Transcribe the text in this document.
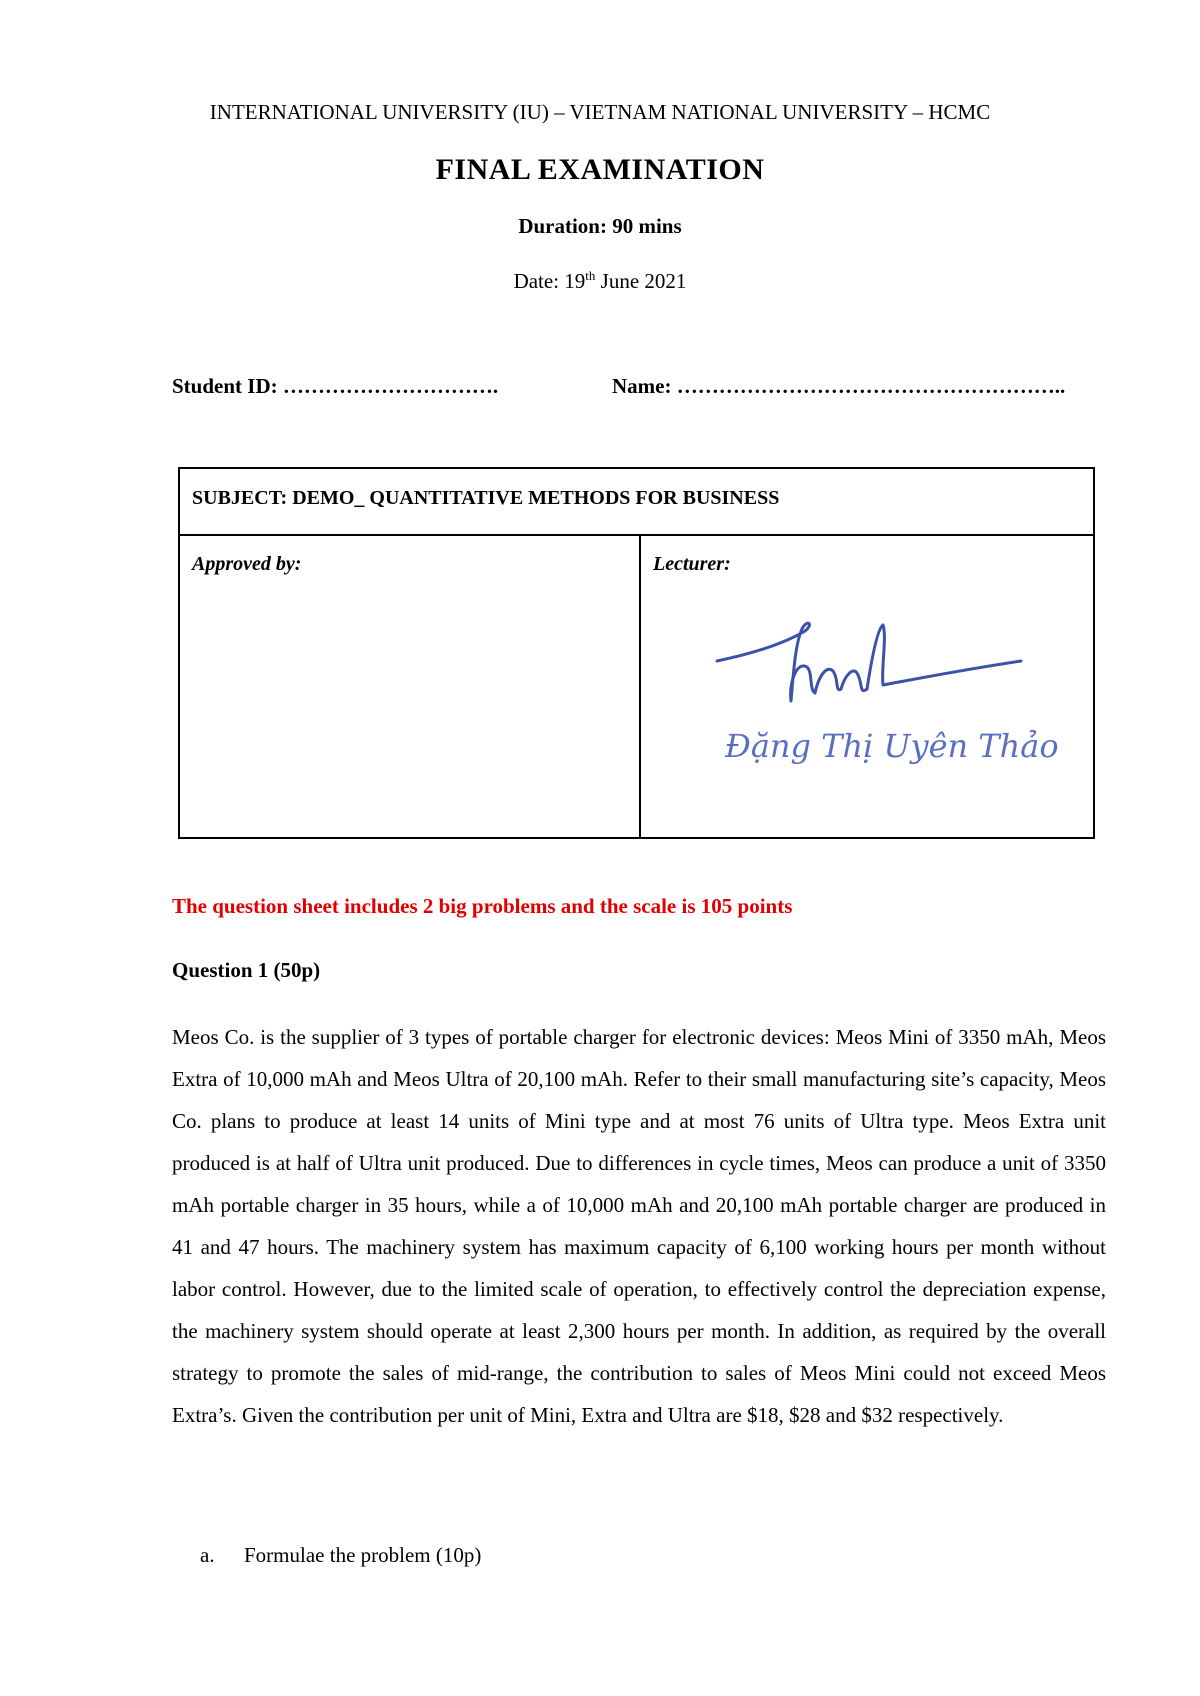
INTERNATIONAL UNIVERSITY (IU) – VIETNAM NATIONAL UNIVERSITY – HCMC
FINAL EXAMINATION
Duration: 90 mins
Date: 19th June 2021
Student ID: ………………………….	Name: ………………………………………………..
SUBJECT: DEMO_ QUANTITATIVE METHODS FOR BUSINESS
Approved by:	Lecturer:
Đặng Thị Uyên Thảo
The question sheet includes 2 big problems and the scale is 105 points
Question 1 (50p)

Meos Co. is the supplier of 3 types of portable charger for electronic devices: Meos Mini of 3350 mAh, Meos Extra of 10,000 mAh and Meos Ultra of 20,100 mAh. Refer to their small manufacturing site’s capacity, Meos Co. plans to produce at least 14 units of Mini type and at most 76 units of Ultra type. Meos Extra unit produced is at half of Ultra unit produced. Due to differences in cycle times, Meos can produce a unit of 3350 mAh portable charger in 35 hours, while a of 10,000 mAh and 20,100 mAh portable charger are produced in 41 and 47 hours. The machinery system has maximum capacity of 6,100 working hours per month without labor control. However, due to the limited scale of operation, to effectively control the depreciation expense, the machinery system should operate at least 2,300 hours per month. In addition, as required by the overall strategy to promote the sales of mid-range, the contribution to sales of Meos Mini could not exceed Meos Extra’s. Given the contribution per unit of Mini, Extra and Ultra are $18, $28 and $32 respectively.

a. Formulae the problem (10p)
